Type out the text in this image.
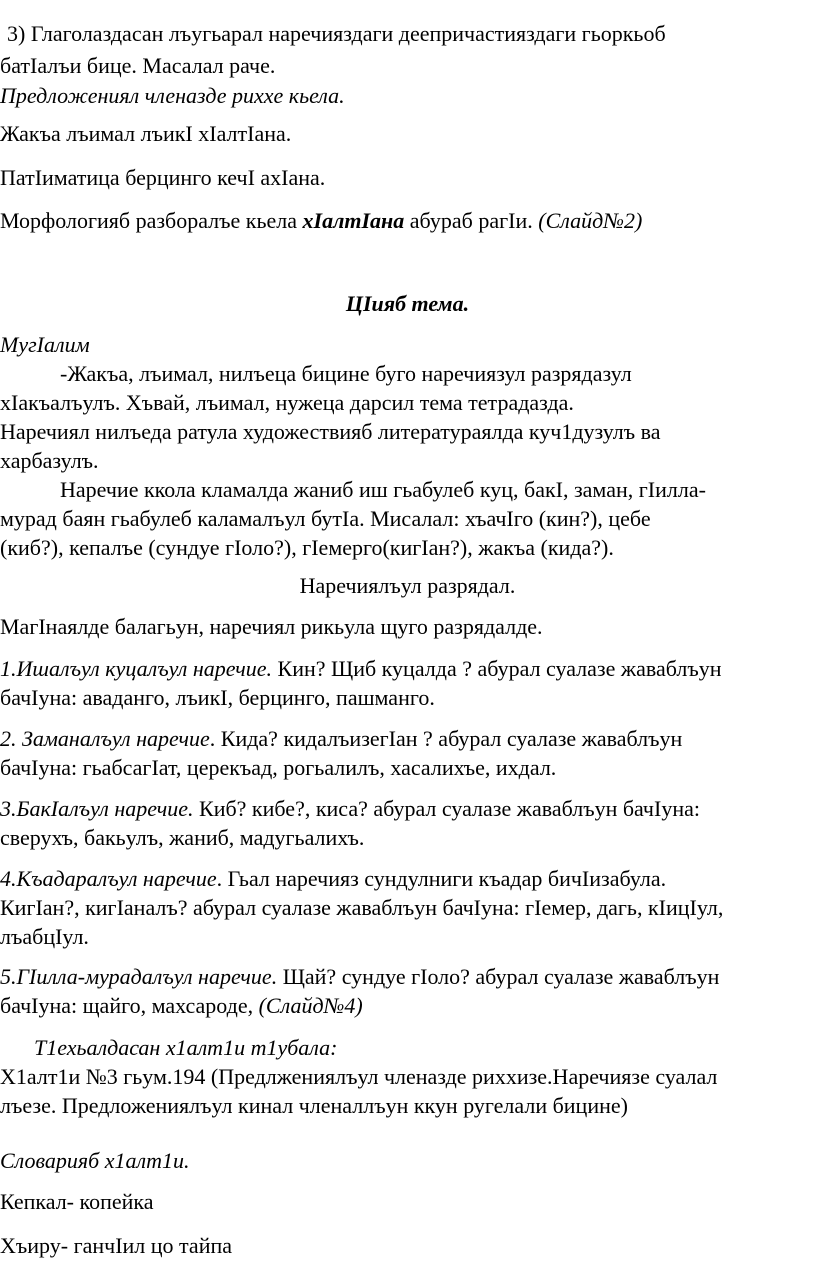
3) Глаголаздасан лъугьарал наречияздаги деепричастияздаги гьоркьоб
батIалъи бице. Масалал раче.
Предложениял членазде риххе кьела.
Жакъа лъимал лъикI хIалтIана.
ПатIиматица берцинго кечI ахIана.
Морфологияб разборалъе кьела хIалтIана абураб рагIи. (Слайд№2)
ЦIияб тема.
МугIалим
-Жакъа, лъимал, нилъеца бицине буго наречиязул разрядазул
хIакъалъулъ. Хъвай, лъимал, нужеца дарсил тема тетрадазда.
Наречиял нилъеда ратула художествияб литератураялда куч1дузулъ ва
харбазулъ.
Наречие ккола кламалда жаниб иш гьабулеб куц, бакI, заман, гIилла-
мурад баян гьабулеб каламалъул бутIа. Мисалал: хъачIго (кин?), цебе
(киб?), кепалъе (сундуе гIоло?), гIемерго(кигIан?), жакъа (кида?).
Наречиялъул разрядал.
МагIнаялде балагьун, наречиял рикьула щуго разрядалде.
1.Ишалъул куцалъул наречие. Кин? Щиб куцалда ? абурал суалазе жаваблъун
бачIуна: аваданго, лъикI, берцинго, пашманго.
2. Заманалъул наречие. Кида? кидалъизегIан ? абурал суалазе жаваблъун
бачIуна: гьабсагIат, церекъад, рогьалилъ, хасалихъе, ихдал.
3.БакIалъул наречие. Киб? кибе?, киса? абурал суалазе жаваблъун бачIуна:
сверухъ, бакьулъ, жаниб, мадугьалихъ.
4.Къадаралъул наречие. Гьал наречияз сундулниги къадар бичIизабула.
КигIан?, кигIаналъ? абурал суалазе жаваблъун бачIуна: гIемер, дагь, кIицIул,
лъабцIул.
5.ГIилла-мурадалъул наречие. Щай? сундуе гIоло? абурал суалазе жаваблъун
бачIуна: щайго, махсароде, (Слайд№4)
Т1ехьалдасан х1алт1и т1убала:
Х1алт1и №3 гьум.194 (Предлжениялъул членазде риххизе.Наречиязе суалал
лъезе. Предложениялъул кинал членаллъун ккун ругелали бицине)
Словарияб х1алт1и.
Кепкал- копейка
Хъиру- ганчIил цо тайпа
